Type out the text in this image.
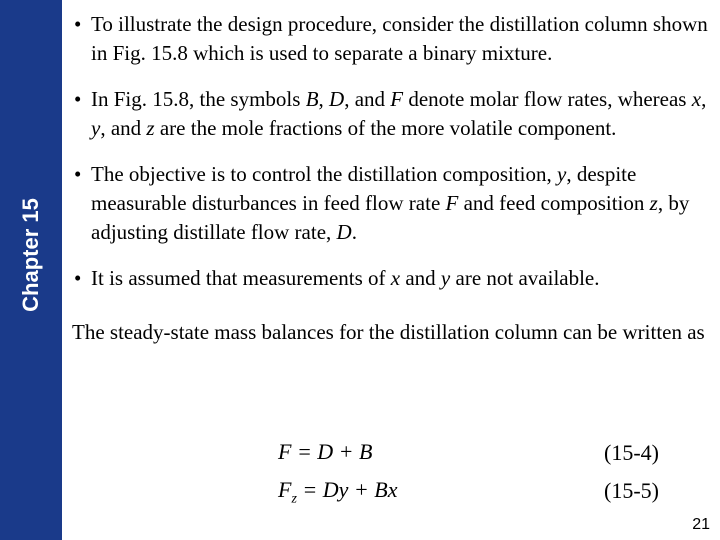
Chapter 15
• To illustrate the design procedure, consider the distillation column shown in Fig. 15.8 which is used to separate a binary mixture.
• In Fig. 15.8, the symbols B, D, and F denote molar flow rates, whereas x, y, and z are the mole fractions of the more volatile component.
• The objective is to control the distillation composition, y, despite measurable disturbances in feed flow rate F and feed composition z, by adjusting distillate flow rate, D.
• It is assumed that measurements of x and y are not available.
The steady-state mass balances for the distillation column can be written as
F = D + B	(15-4)
$F_z = Dy + Bx$	(15-5)
21
